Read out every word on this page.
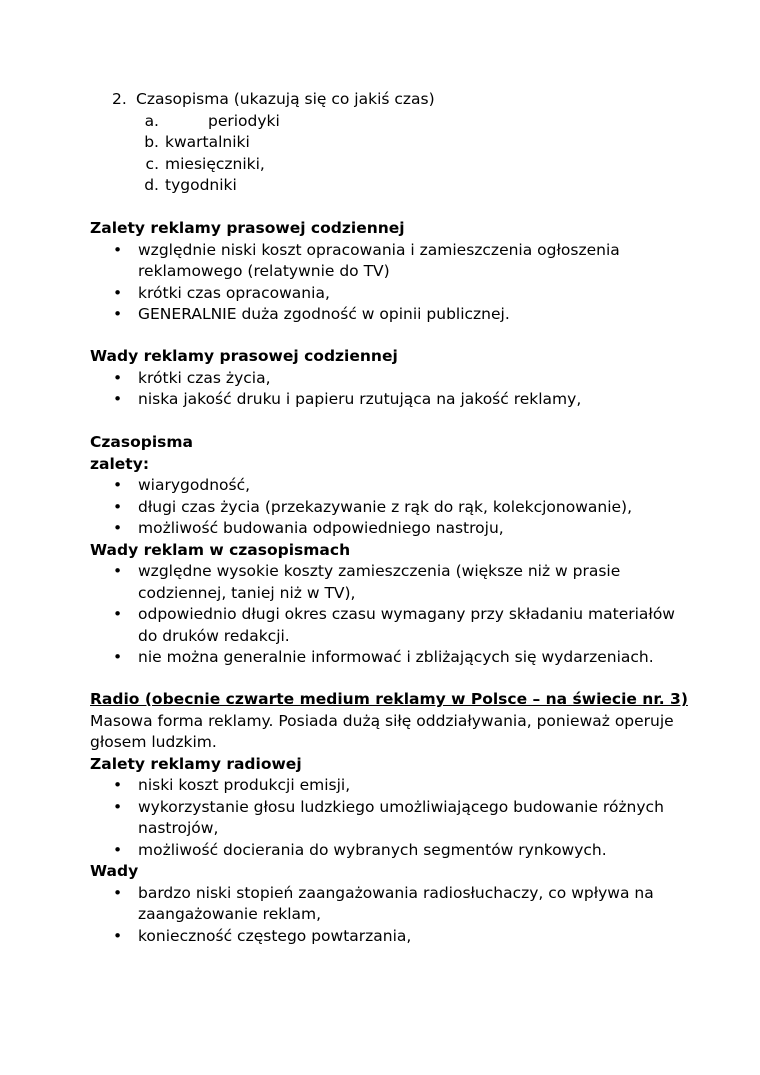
2. Czasopisma (ukazują się co jakiś czas)
a.	periodyki
b. kwartalniki
c. miesięczniki,
d. tygodniki

Zalety reklamy prasowej codziennej

•	względnie niski koszt opracowania i zamieszczenia ogłoszenia reklamowego (relatywnie do TV)
•	krótki czas opracowania,
•	GENERALNIE duża zgodność w opinii publicznej.

Wady reklamy prasowej codziennej

•	krótki czas życia,
•	niska jakość druku i papieru rzutująca na jakość reklamy,

Czasopisma

zalety:

•	wiarygodność,
•	długi czas życia (przekazywanie z rąk do rąk, kolekcjonowanie),
•	możliwość budowania odpowiedniego nastroju,

Wady reklam w czasopismach

•	względne wysokie koszty zamieszczenia (większe niż w prasie codziennej, taniej niż w TV),
•	odpowiednio długi okres czasu wymagany przy składaniu materiałów do druków redakcji.
•	nie można generalnie informować i zbliżających się wydarzeniach.

Radio (obecnie czwarte medium reklamy w Polsce – na świecie nr. 3)

Masowa forma reklamy. Posiada dużą siłę oddziaływania, ponieważ operuje głosem ludzkim.

Zalety reklamy radiowej

•	niski koszt produkcji emisji,
•	wykorzystanie głosu ludzkiego umożliwiającego budowanie różnych nastrojów,
•	możliwość docierania do wybranych segmentów rynkowych.

Wady

•	bardzo niski stopień zaangażowania radiosłuchaczy, co wpływa na zaangażowanie reklam,
•	konieczność częstego powtarzania,
